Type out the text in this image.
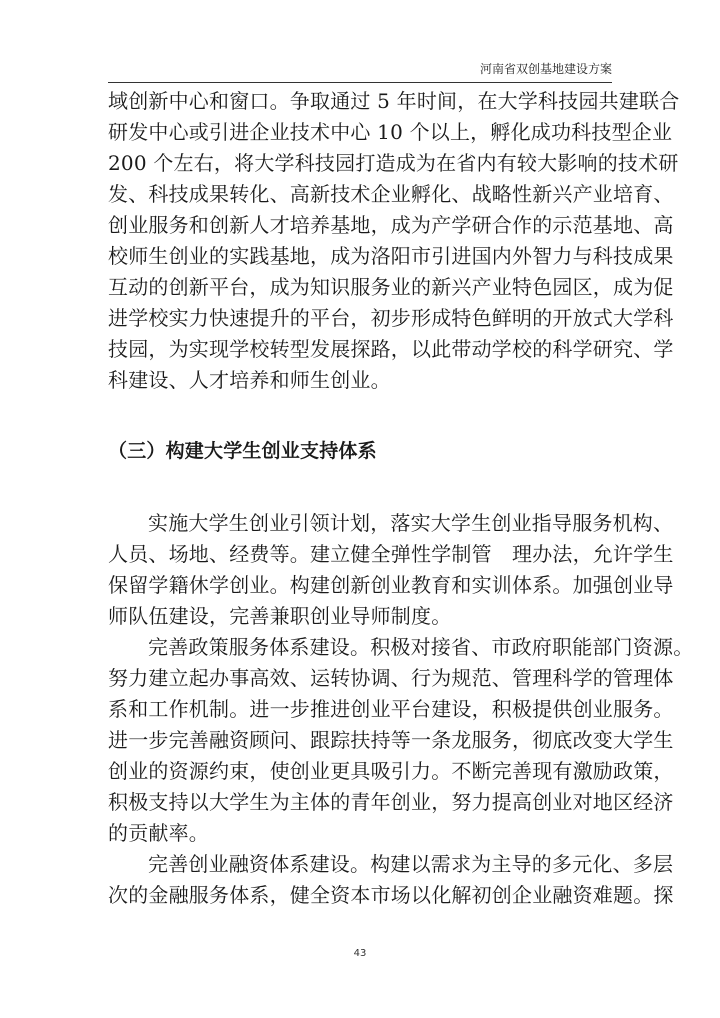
河南省双创基地建设方案
域创新中心和窗口。争取通过 5 年时间，在大学科技园共建联合
研发中心或引进企业技术中心 10 个以上，孵化成功科技型企业
200 个左右，将大学科技园打造成为在省内有较大影响的技术研
发、科技成果转化、高新技术企业孵化、战略性新兴产业培育、
创业服务和创新人才培养基地，成为产学研合作的示范基地、高
校师生创业的实践基地，成为洛阳市引进国内外智力与科技成果
互动的创新平台，成为知识服务业的新兴产业特色园区，成为促
进学校实力快速提升的平台，初步形成特色鲜明的开放式大学科
技园，为实现学校转型发展探路，以此带动学校的科学研究、学
科建设、人才培养和师生创业。
（三）构建大学生创业支持体系
实施大学生创业引领计划，落实大学生创业指导服务机构、
人员、场地、经费等。建立健全弹性学制管　理办法，允许学生
保留学籍休学创业。构建创新创业教育和实训体系。加强创业导
师队伍建设，完善兼职创业导师制度。
完善政策服务体系建设。积极对接省、市政府职能部门资源。
努力建立起办事高效、运转协调、行为规范、管理科学的管理体
系和工作机制。进一步推进创业平台建设，积极提供创业服务。
进一步完善融资顾问、跟踪扶持等一条龙服务，彻底改变大学生
创业的资源约束，使创业更具吸引力。不断完善现有激励政策，
积极支持以大学生为主体的青年创业，努力提高创业对地区经济
的贡献率。
完善创业融资体系建设。构建以需求为主导的多元化、多层
次的金融服务体系，健全资本市场以化解初创企业融资难题。探
43
